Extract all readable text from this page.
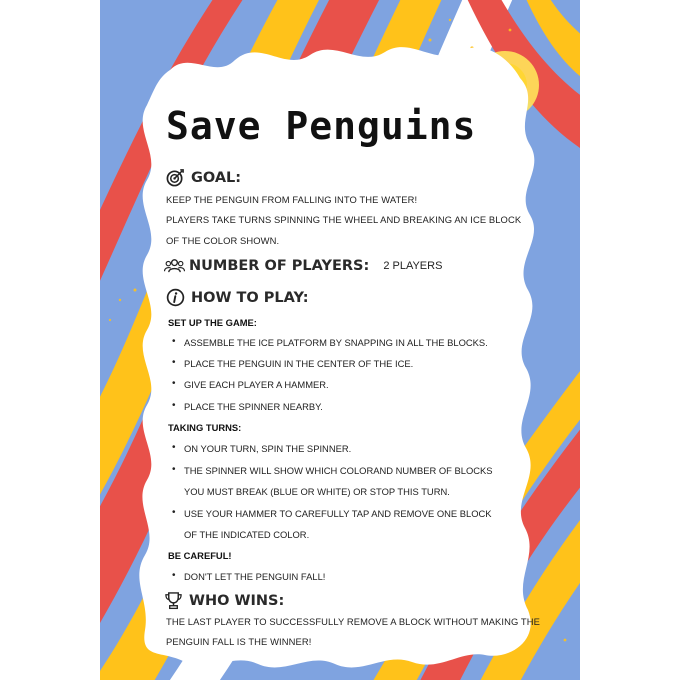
Save Penguins
GOAL:
KEEP THE PENGUIN FROM FALLING INTO THE WATER!
PLAYERS TAKE TURNS SPINNING THE WHEEL AND BREAKING AN ICE BLOCK
OF THE COLOR SHOWN.
NUMBER OF PLAYERS: 2 PLAYERS
HOW TO PLAY:
SET UP THE GAME:
• ASSEMBLE THE ICE PLATFORM BY SNAPPING IN ALL THE BLOCKS.
• PLACE THE PENGUIN IN THE CENTER OF THE ICE.
• GIVE EACH PLAYER A HAMMER.
• PLACE THE SPINNER NEARBY.
TAKING TURNS:
• ON YOUR TURN, SPIN THE SPINNER.
• THE SPINNER WILL SHOW WHICH COLORAND NUMBER OF BLOCKS
YOU MUST BREAK (BLUE OR WHITE) OR STOP THIS TURN.
• USE YOUR HAMMER TO CAREFULLY TAP AND REMOVE ONE BLOCK
OF THE INDICATED COLOR.
BE CAREFUL!
• DON'T LET THE PENGUIN FALL!
WHO WINS:
THE LAST PLAYER TO SUCCESSFULLY REMOVE A BLOCK WITHOUT MAKING THE
PENGUIN FALL IS THE WINNER!
